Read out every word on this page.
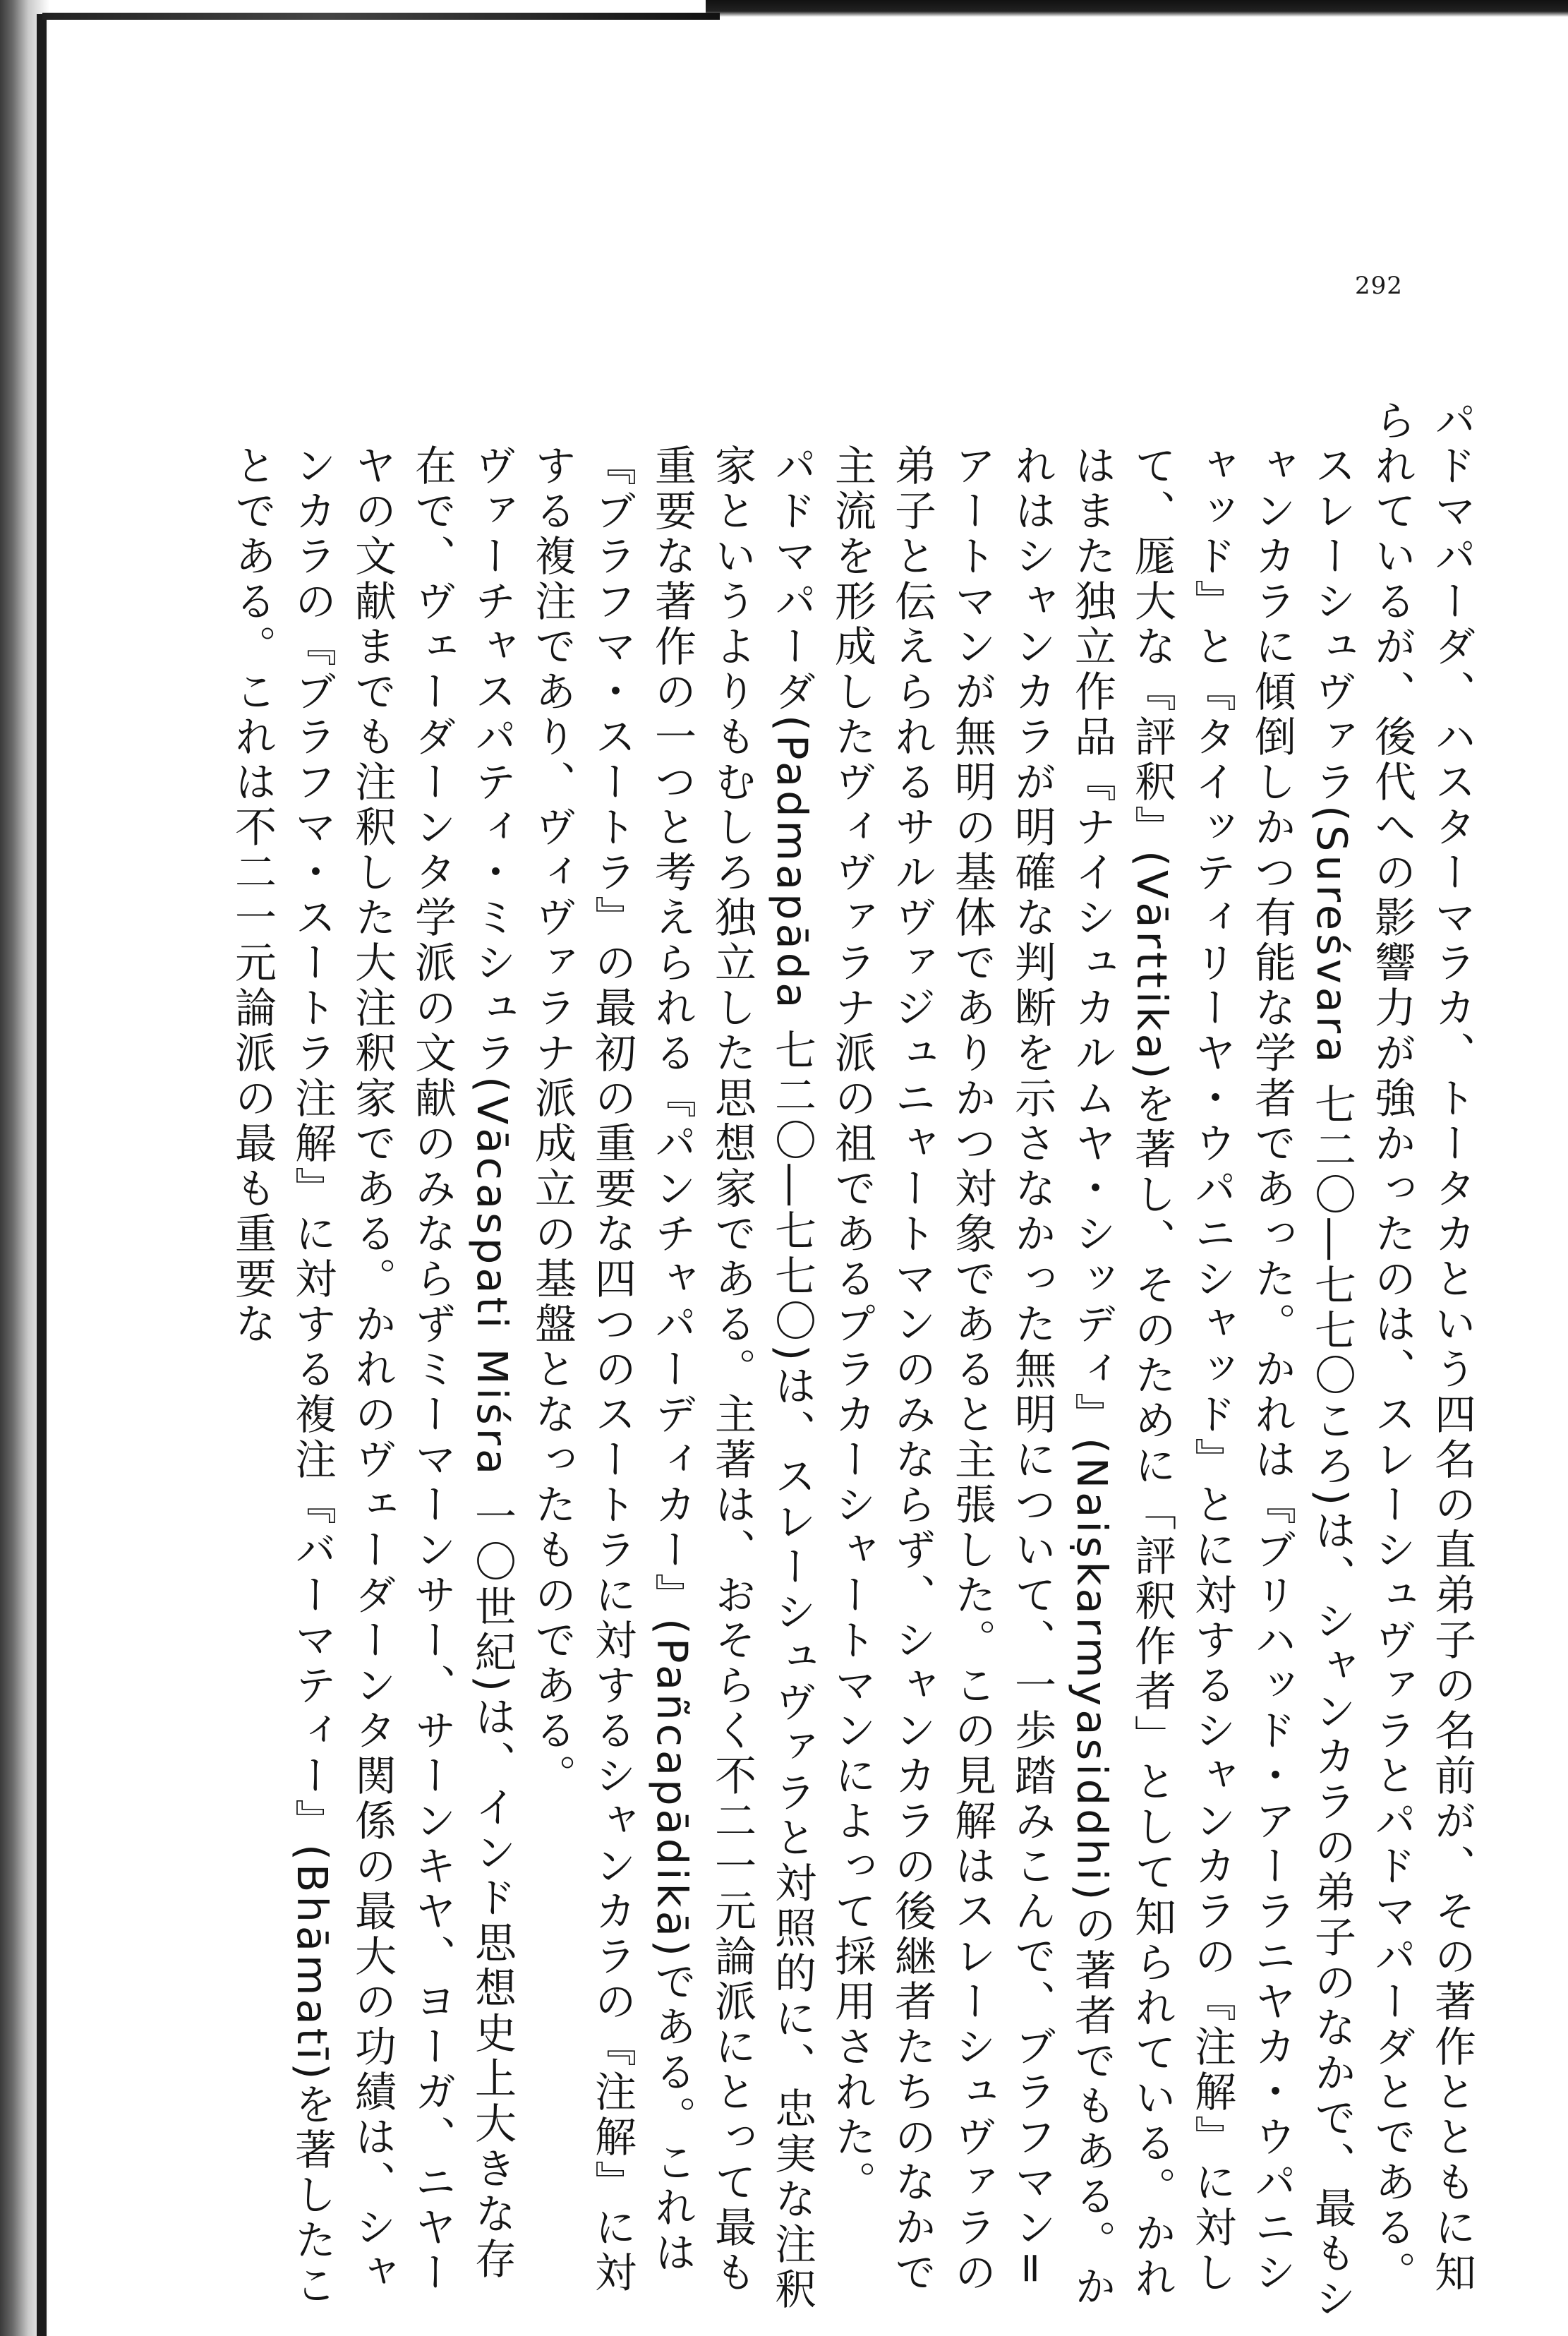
292

パドマパーダ、ハスターマラカ、トータカという四名の直弟子の名前が、その著作とともに知られているが、後代への影響力が強かったのは、スレーシュヴァラとパドマパーダとである。

スレーシュヴァラ(Sureśvara 七二〇―七七〇ころ)は、シャンカラの弟子のなかで、最もシャンカラに傾倒しかつ有能な学者であった。かれは『ブリハッド・アーラニヤカ・ウパニシャッド』と『タイッティリーヤ・ウパニシャッド』とに対するシャンカラの『注解』に対して、厖大な『評釈』(Vārttika)を著し、そのために「評釈作者」として知られている。かれはまた独立作品『ナイシュカルムヤ・シッディ』(Naiṣkarmyasiddhi)の著者でもある。かれはシャンカラが明確な判断を示さなかった無明について、一歩踏みこんで、ブラフマン=アートマンが無明の基体でありかつ対象であると主張した。この見解はスレーシュヴァラの弟子と伝えられるサルヴァジュニャートマンのみならず、シャンカラの後継者たちのなかで主流を形成したヴィヴァラナ派の祖であるプラカーシャートマンによって採用された。

パドマパーダ(Padmapāda 七二〇―七七〇)は、スレーシュヴァラと対照的に、忠実な注釈家というよりもむしろ独立した思想家である。主著は、おそらく不二一元論派にとって最も重要な著作の一つと考えられる『パンチャパーディカー』(Pañcapādikā)である。これは『ブラフマ・スートラ』の最初の重要な四つのスートラに対するシャンカラの『注解』に対する複注であり、ヴィヴァラナ派成立の基盤となったものである。

ヴァーチャスパティ・ミシュラ(Vācaspati Miśra 一〇世紀)は、インド思想史上大きな存在で、ヴェーダーンタ学派の文献のみならずミーマーンサー、サーンキヤ、ヨーガ、ニヤーヤの文献までも注釈した大注釈家である。かれのヴェーダーンタ関係の最大の功績は、シャンカラの『ブラフマ・スートラ注解』に対する複注『バーマティー』(Bhāmatī)を著したことである。これは不二一元論派の最も重要な
